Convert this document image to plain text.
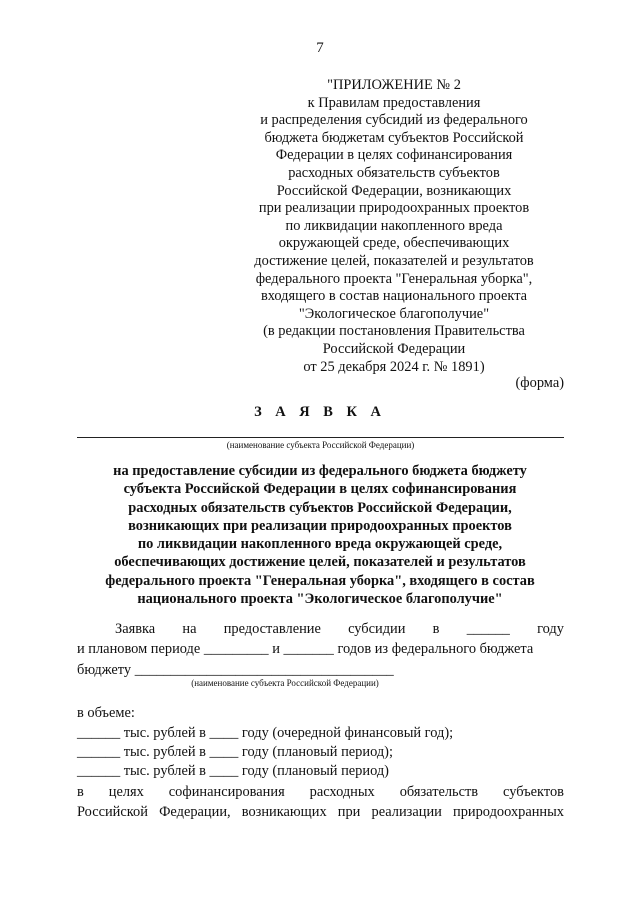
7
"ПРИЛОЖЕНИЕ № 2
к Правилам предоставления
и распределения субсидий из федерального
бюджета бюджетам субъектов Российской
Федерации в целях софинансирования
расходных обязательств субъектов
Российской Федерации, возникающих
при реализации природоохранных проектов
по ликвидации накопленного вреда
окружающей среде, обеспечивающих
достижение целей, показателей и результатов
федерального проекта "Генеральная уборка",
входящего в состав национального проекта
"Экологическое благополучие"
(в редакции постановления Правительства
Российской Федерации
от 25 декабря 2024 г. № 1891)
(форма)
З А Я В К А
(наименование субъекта Российской Федерации)
на предоставление субсидии из федерального бюджета бюджету
субъекта Российской Федерации в целях софинансирования
расходных обязательств субъектов Российской Федерации,
возникающих при реализации природоохранных проектов
по ликвидации накопленного вреда окружающей среде,
обеспечивающих достижение целей, показателей и результатов
федерального проекта "Генеральная уборка", входящего в состав
национального проекта "Экологическое благополучие"
Заявка на предоставление субсидии в ______ году
и плановом периоде _________ и _______ годов из федерального бюджета
бюджету ____________________________________
(наименование субъекта Российской Федерации)
в объеме:
______ тыс. рублей в ____ году (очередной финансовый год);
______ тыс. рублей в ____ году (плановый период);
______ тыс. рублей в ____ году (плановый период)
в целях софинансирования расходных обязательств субъектов
Российской Федерации, возникающих при реализации природоохранных
